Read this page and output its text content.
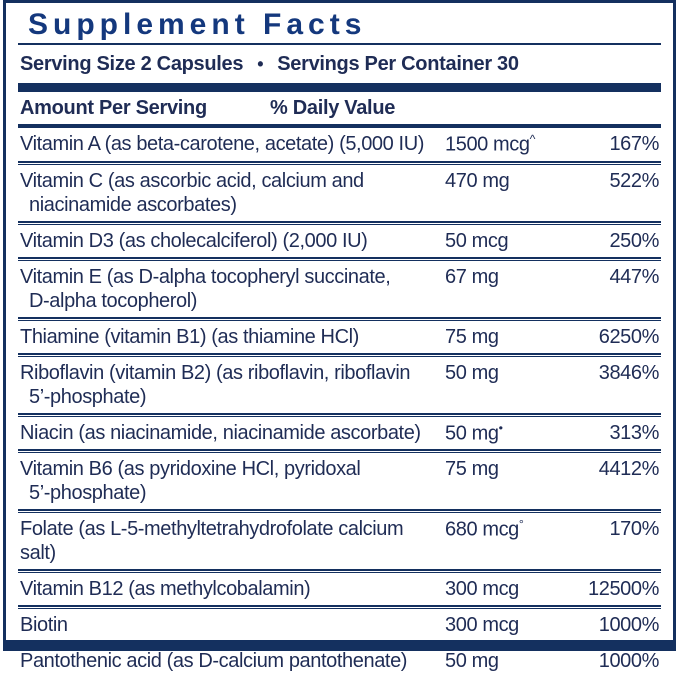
Supplement Facts
Serving Size 2 Capsules • Servings Per Container 30
Amount Per Serving	% Daily Value
Vitamin A (as beta-carotene, acetate) (5,000 IU)	1500 mcg^	167%
Vitamin C (as ascorbic acid, calcium and
niacinamide ascorbates)
470 mg	522%
Vitamin D3 (as cholecalciferol) (2,000 IU)	50 mcg	250%
Vitamin E (as D-alpha tocopheryl succinate,
D-alpha tocopherol)
67 mg	447%
Thiamine (vitamin B1) (as thiamine HCl)	75 mg	6250%
Riboflavin (vitamin B2) (as riboflavin, riboflavin
5’-phosphate)
50 mg	3846%
Niacin (as niacinamide, niacinamide ascorbate)	50 mg•	313%
Vitamin B6 (as pyridoxine HCl, pyridoxal
5’-phosphate)
75 mg	4412%
Folate (as L-5-methyltetrahydrofolate calcium salt)
680 mcg°	170%
Vitamin B12 (as methylcobalamin)	300 mcg	12500%
Biotin	300 mcg	1000%
Pantothenic acid (as D-calcium pantothenate)	50 mg	1000%
